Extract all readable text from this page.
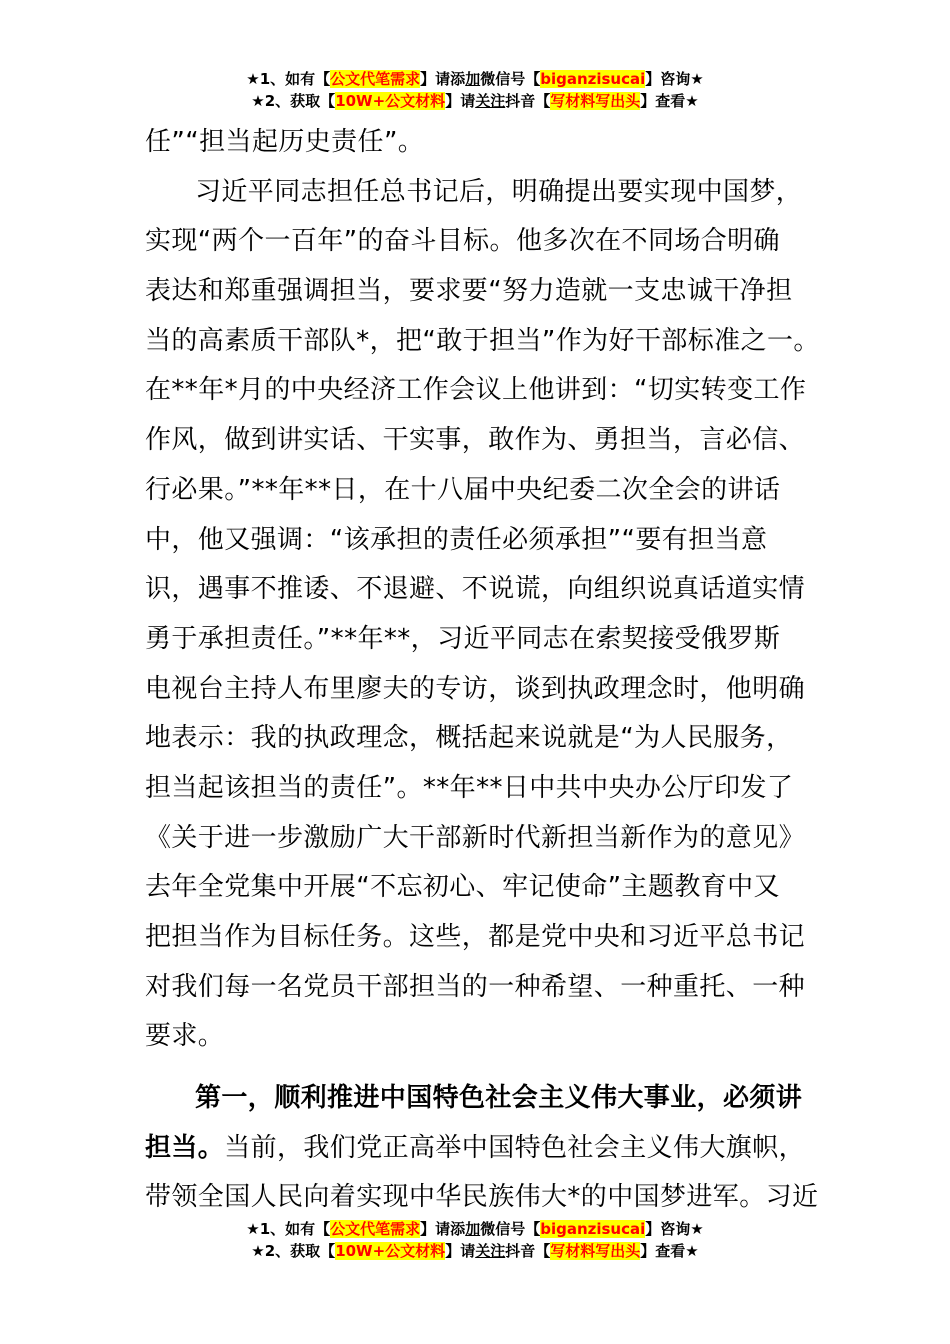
★1、如有【公文代笔需求】请添加微信号【biganzisucai】咨询★
★2、获取【10W+公文材料】请关注抖音【写材料写出头】查看★
任”“担当起历史责任”。
习近平同志担任总书记后，明确提出要实现中国梦，
实现“两个一百年”的奋斗目标。他多次在不同场合明确
表达和郑重强调担当，要求要“努力造就一支忠诚干净担
当的高素质干部队*，把“敢于担当”作为好干部标准之一。
在**年*月的中央经济工作会议上他讲到：“切实转变工作
作风，做到讲实话、干实事，敢作为、勇担当，言必信、
行必果。”**年**日，在十八届中央纪委二次全会的讲话
中，他又强调：“该承担的责任必须承担”“要有担当意
识，遇事不推诿、不退避、不说谎，向组织说真话道实情
勇于承担责任。”**年**，习近平同志在索契接受俄罗斯
电视台主持人布里廖夫的专访，谈到执政理念时，他明确
地表示：我的执政理念，概括起来说就是“为人民服务，
担当起该担当的责任”。**年**日中共中央办公厅印发了
《关于进一步激励广大干部新时代新担当新作为的意见》
去年全党集中开展“不忘初心、牢记使命”主题教育中又
把担当作为目标任务。这些，都是党中央和习近平总书记
对我们每一名党员干部担当的一种希望、一种重托、一种
要求。
第一，顺利推进中国特色社会主义伟大事业，必须讲
担当。当前，我们党正高举中国特色社会主义伟大旗帜，
带领全国人民向着实现中华民族伟大*的中国梦进军。习近
★1、如有【公文代笔需求】请添加微信号【biganzisucai】咨询★
★2、获取【10W+公文材料】请关注抖音【写材料写出头】查看★
